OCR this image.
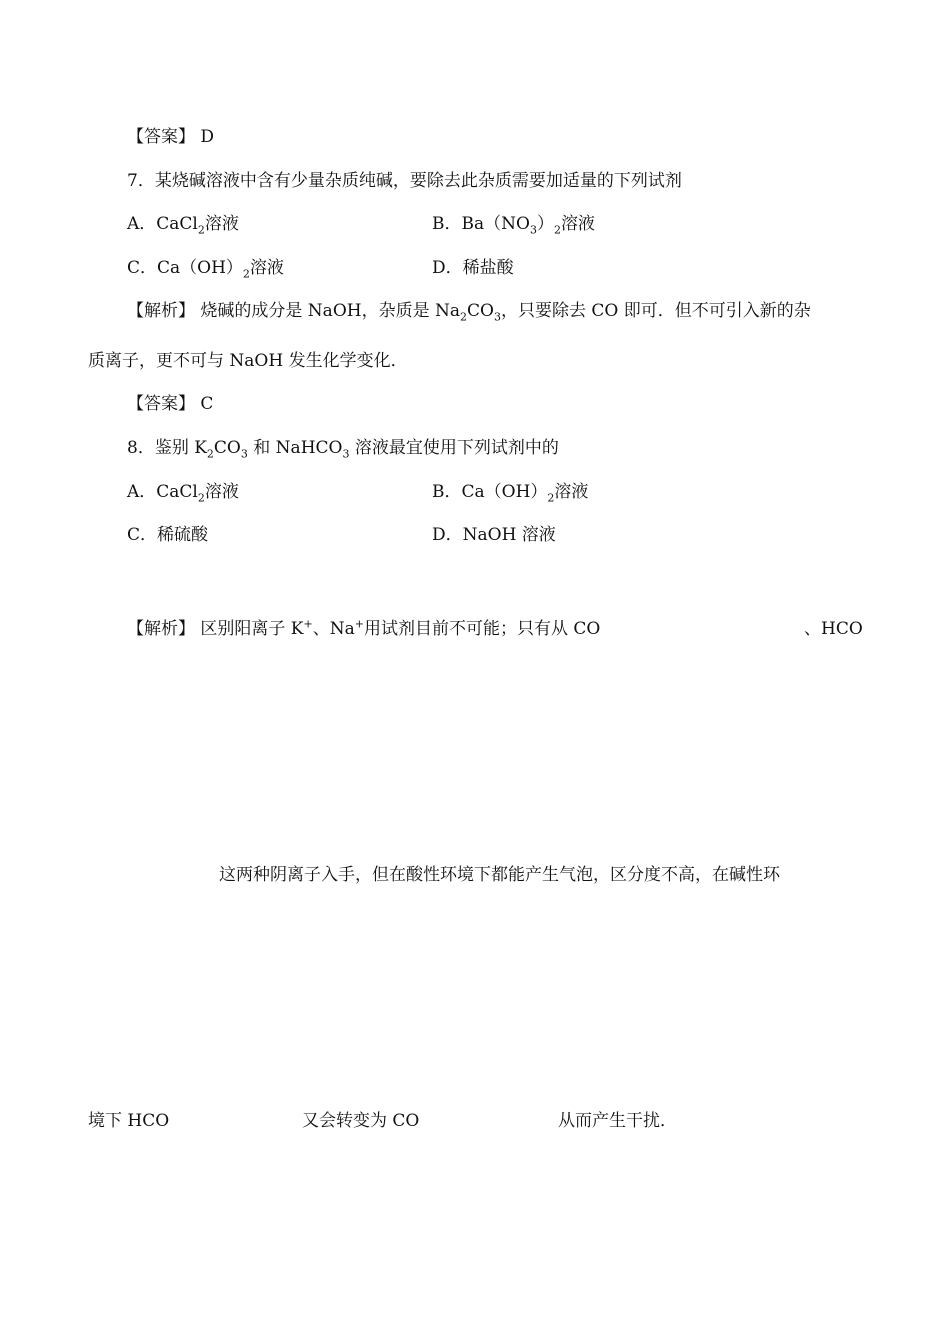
【答案】 D
7．某烧碱溶液中含有少量杂质纯碱，要除去此杂质需要加适量的下列试剂
A．CaCl$_2$溶液	B．$Ba(NO_3)_2$溶液
C．$Ca(OH)_2$溶液	D．稀盐酸
【解析】 烧碱的成分是 NaOH，杂质是 $Na_2CO_3$，只要除去 CO 即可．但不可引入新的杂
质离子，更不可与 NaOH 发生化学变化．
【答案】 C
8．鉴别 $K_2CO_3$ 和 NaHCO$_3$ 溶液最宜使用下列试剂中的
A．CaCl$_2$溶液	B．$Ca(OH)_2$溶液
C．稀硫酸	D．NaOH 溶液
【解析】 区别阳离子 K+、Na+用试剂目前不可能；只有从 CO	、HCO
这两种阴离子入手，但在酸性环境下都能产生气泡，区分度不高，在碱性环
境下 HCO	又会转变为 CO	从而产生干扰．
